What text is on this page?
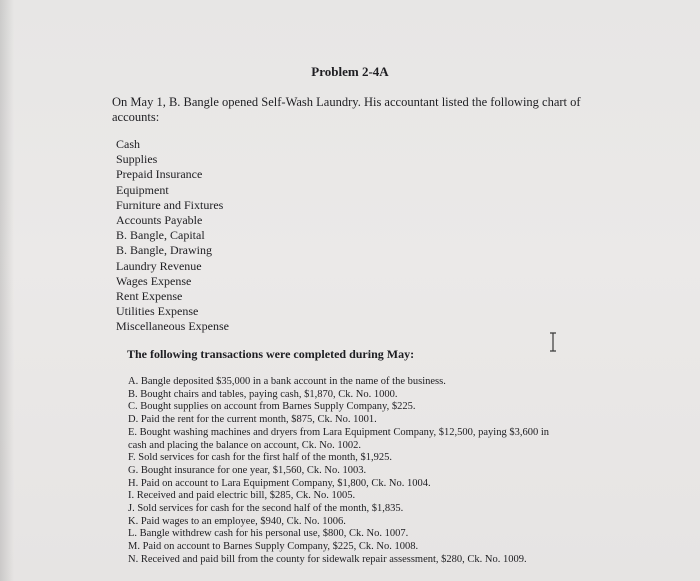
Problem 2-4A
On May 1, B. Bangle opened Self-Wash Laundry. His accountant listed the following chart of accounts:
Cash
Supplies
Prepaid Insurance
Equipment
Furniture and Fixtures
Accounts Payable
B. Bangle, Capital
B. Bangle, Drawing
Laundry Revenue
Wages Expense
Rent Expense
Utilities Expense
Miscellaneous Expense
The following transactions were completed during May:
A. Bangle deposited $35,000 in a bank account in the name of the business.
B. Bought chairs and tables, paying cash, $1,870, Ck. No. 1000.
C. Bought supplies on account from Barnes Supply Company, $225.
D. Paid the rent for the current month, $875, Ck. No. 1001.
E. Bought washing machines and dryers from Lara Equipment Company, $12,500, paying $3,600 in cash and placing the balance on account, Ck. No. 1002.
F. Sold services for cash for the first half of the month, $1,925.
G. Bought insurance for one year, $1,560, Ck. No. 1003.
H. Paid on account to Lara Equipment Company, $1,800, Ck. No. 1004.
I. Received and paid electric bill, $285, Ck. No. 1005.
J. Sold services for cash for the second half of the month, $1,835.
K. Paid wages to an employee, $940, Ck. No. 1006.
L. Bangle withdrew cash for his personal use, $800, Ck. No. 1007.
M. Paid on account to Barnes Supply Company, $225, Ck. No. 1008.
N. Received and paid bill from the county for sidewalk repair assessment, $280, Ck. No. 1009.
